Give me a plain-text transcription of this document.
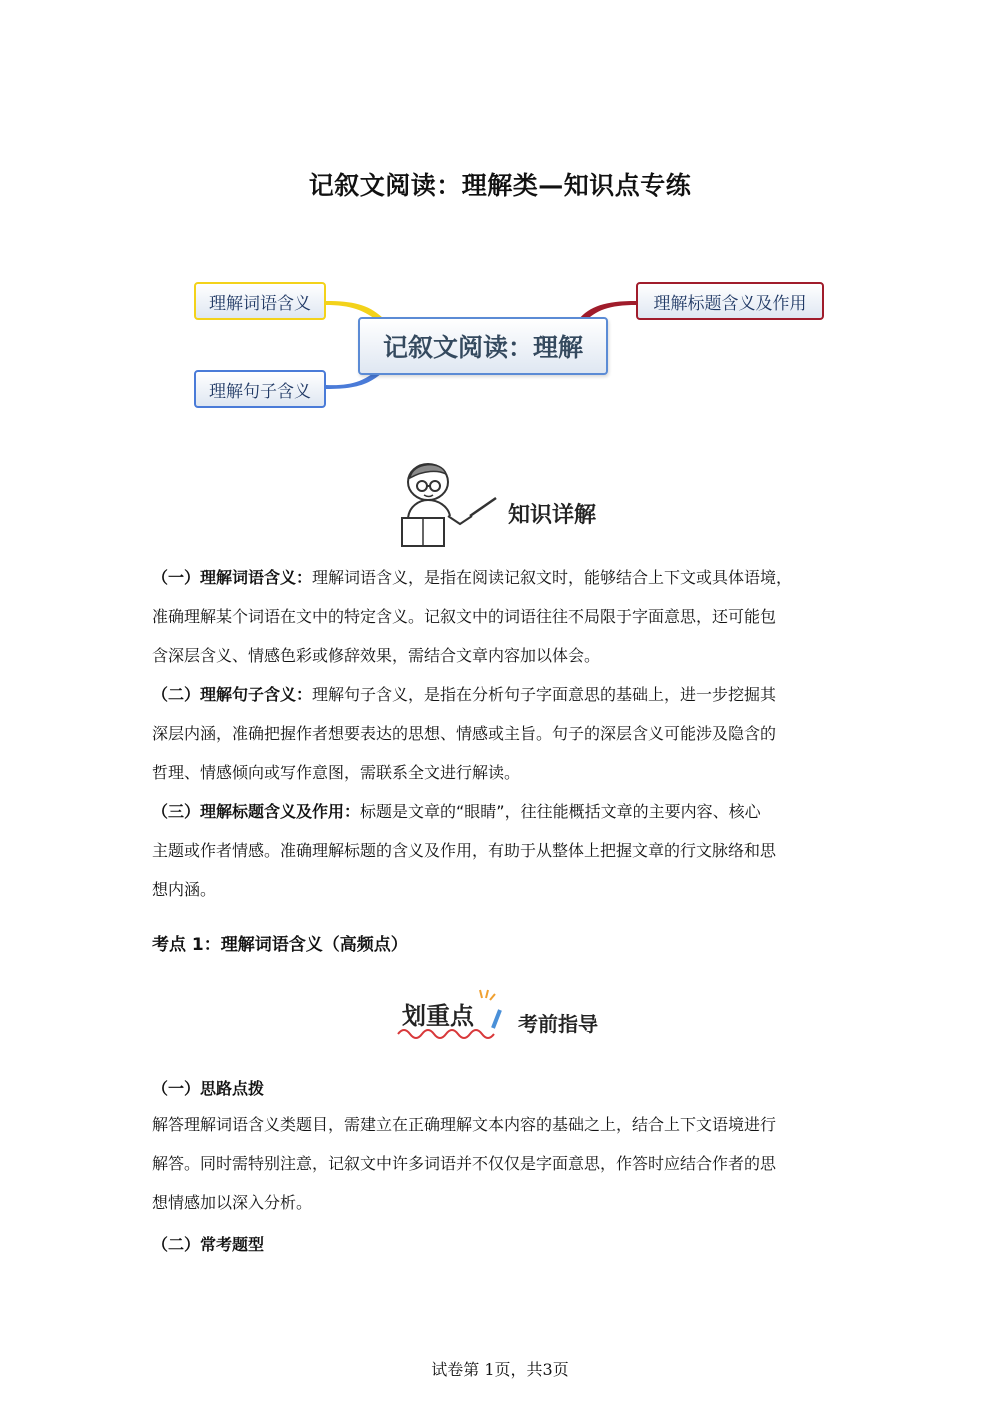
记叙文阅读：理解类—知识点专练
记叙文阅读：理解
理解词语含义
理解句子含义
理解标题含义及作用
知识详解
（一）理解词语含义：理解词语含义，是指在阅读记叙文时，能够结合上下文或具体语境，
准确理解某个词语在文中的特定含义。记叙文中的词语往往不局限于字面意思，还可能包
含深层含义、情感色彩或修辞效果，需结合文章内容加以体会。
（二）理解句子含义：理解句子含义，是指在分析句子字面意思的基础上，进一步挖掘其
深层内涵，准确把握作者想要表达的思想、情感或主旨。句子的深层含义可能涉及隐含的
哲理、情感倾向或写作意图，需联系全文进行解读。
（三）理解标题含义及作用：标题是文章的“眼睛”，往往能概括文章的主要内容、核心
主题或作者情感。准确理解标题的含义及作用，有助于从整体上把握文章的行文脉络和思
想内涵。
考点 1：理解词语含义（高频点）
划重点 考前指导
（一）思路点拨
解答理解词语含义类题目，需建立在正确理解文本内容的基础之上，结合上下文语境进行
解答。同时需特别注意，记叙文中许多词语并不仅仅是字面意思，作答时应结合作者的思
想情感加以深入分析。
（二）常考题型
试卷第 1页，共3页
